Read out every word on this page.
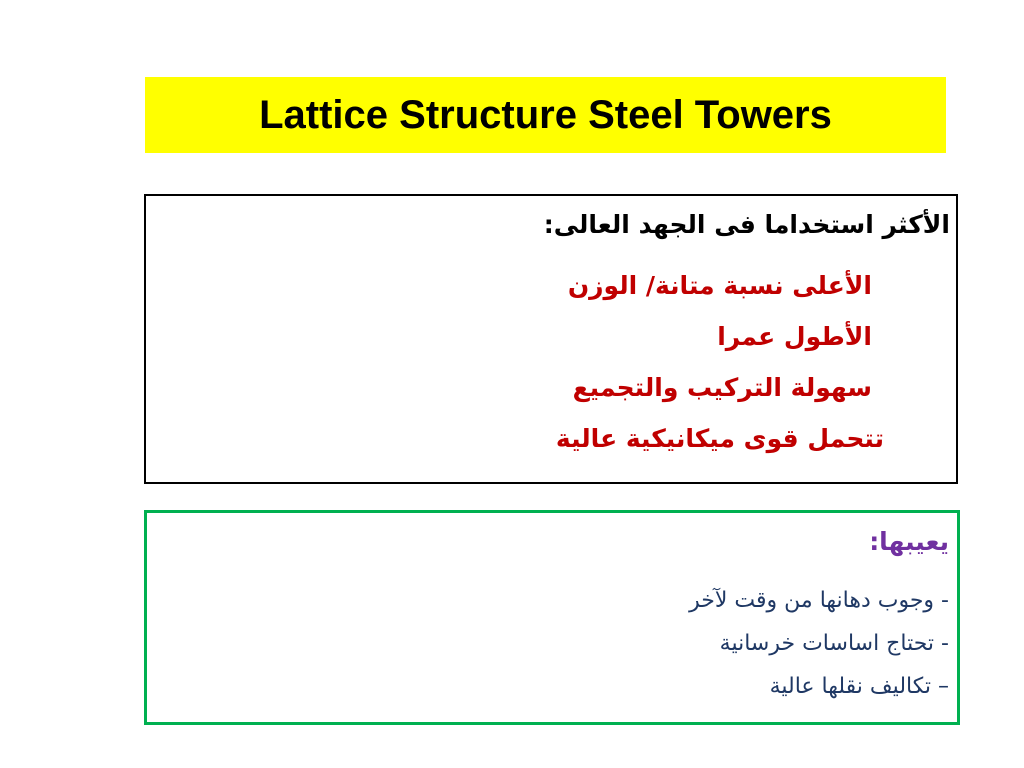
Lattice Structure Steel Towers
الأكثر استخداما فى الجهد العالى:
الأعلى نسبة متانة/ الوزن
الأطول عمرا
سهولة التركيب والتجميع
تتحمل قوى ميكانيكية عالية
يعيبها:
- وجوب دهانها من وقت لآخر
- تحتاج اساسات خرسانية
– تكاليف نقلها عالية
